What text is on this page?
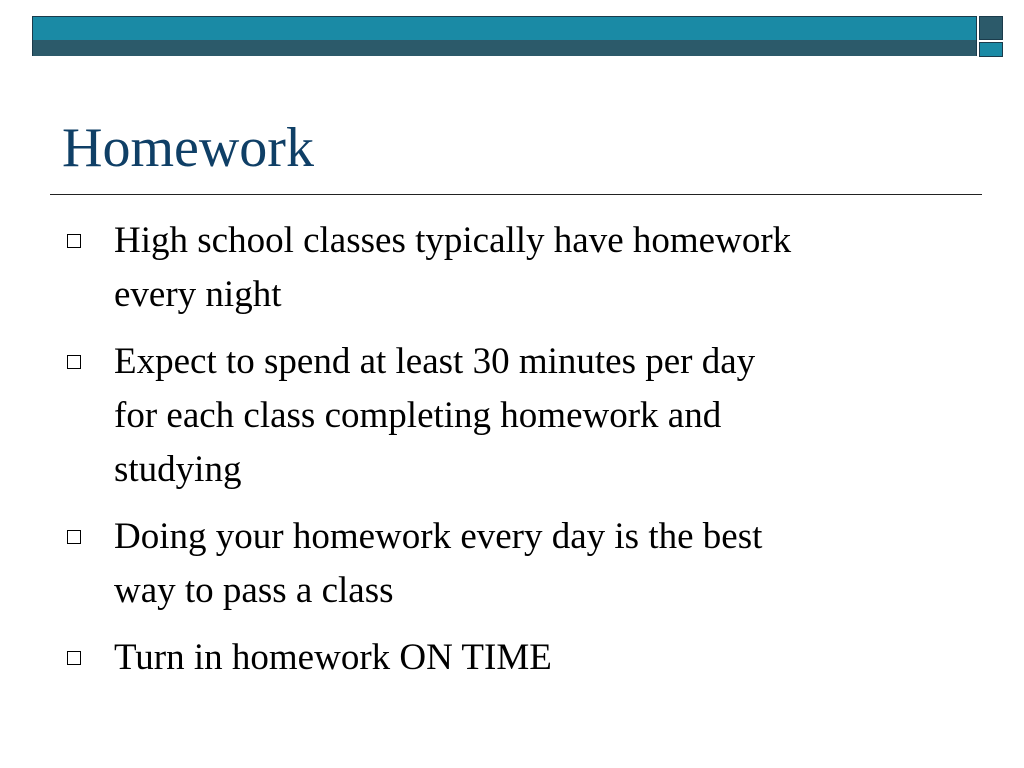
Homework
High school classes typically have homework
every night
Expect to spend at least 30 minutes per day
for each class completing homework and
studying
Doing your homework every day is the best
way to pass a class
Turn in homework ON TIME
